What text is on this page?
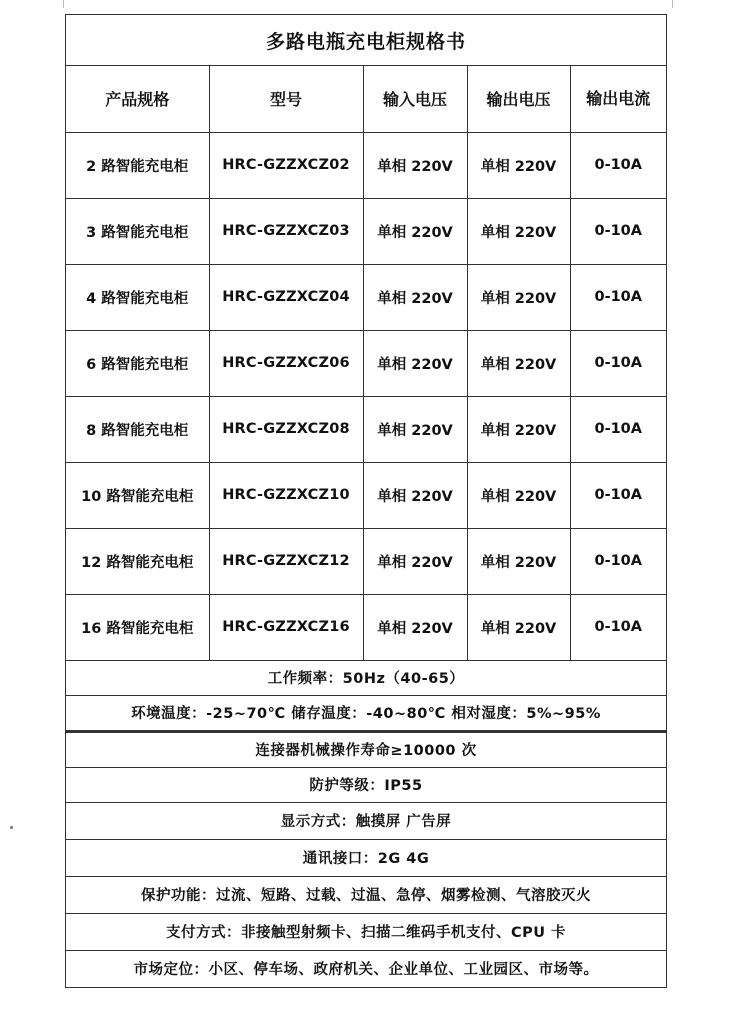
多路电瓶充电柜规格书
产品规格	型号	输入电压	输出电压	输出电流
2 路智能充电柜	HRC-GZZXCZ02	单相 220V	单相 220V	0-10A
3 路智能充电柜	HRC-GZZXCZ03	单相 220V	单相 220V	0-10A
4 路智能充电柜	HRC-GZZXCZ04	单相 220V	单相 220V	0-10A
6 路智能充电柜	HRC-GZZXCZ06	单相 220V	单相 220V	0-10A
8 路智能充电柜	HRC-GZZXCZ08	单相 220V	单相 220V	0-10A
10 路智能充电柜	HRC-GZZXCZ10	单相 220V	单相 220V	0-10A
12 路智能充电柜	HRC-GZZXCZ12	单相 220V	单相 220V	0-10A
16 路智能充电柜	HRC-GZZXCZ16	单相 220V	单相 220V	0-10A
工作频率：50Hz（40-65）
环境温度：-25~70℃ 储存温度：-40~80℃ 相对湿度：5%~95%
连接器机械操作寿命≥10000 次
防护等级：IP55
显示方式：触摸屏 广告屏
通讯接口：2G 4G
保护功能：过流、短路、过载、过温、急停、烟雾检测、气溶胶灭火
支付方式：非接触型射频卡、扫描二维码手机支付、CPU 卡
市场定位：小区、停车场、政府机关、企业单位、工业园区、市场等。
